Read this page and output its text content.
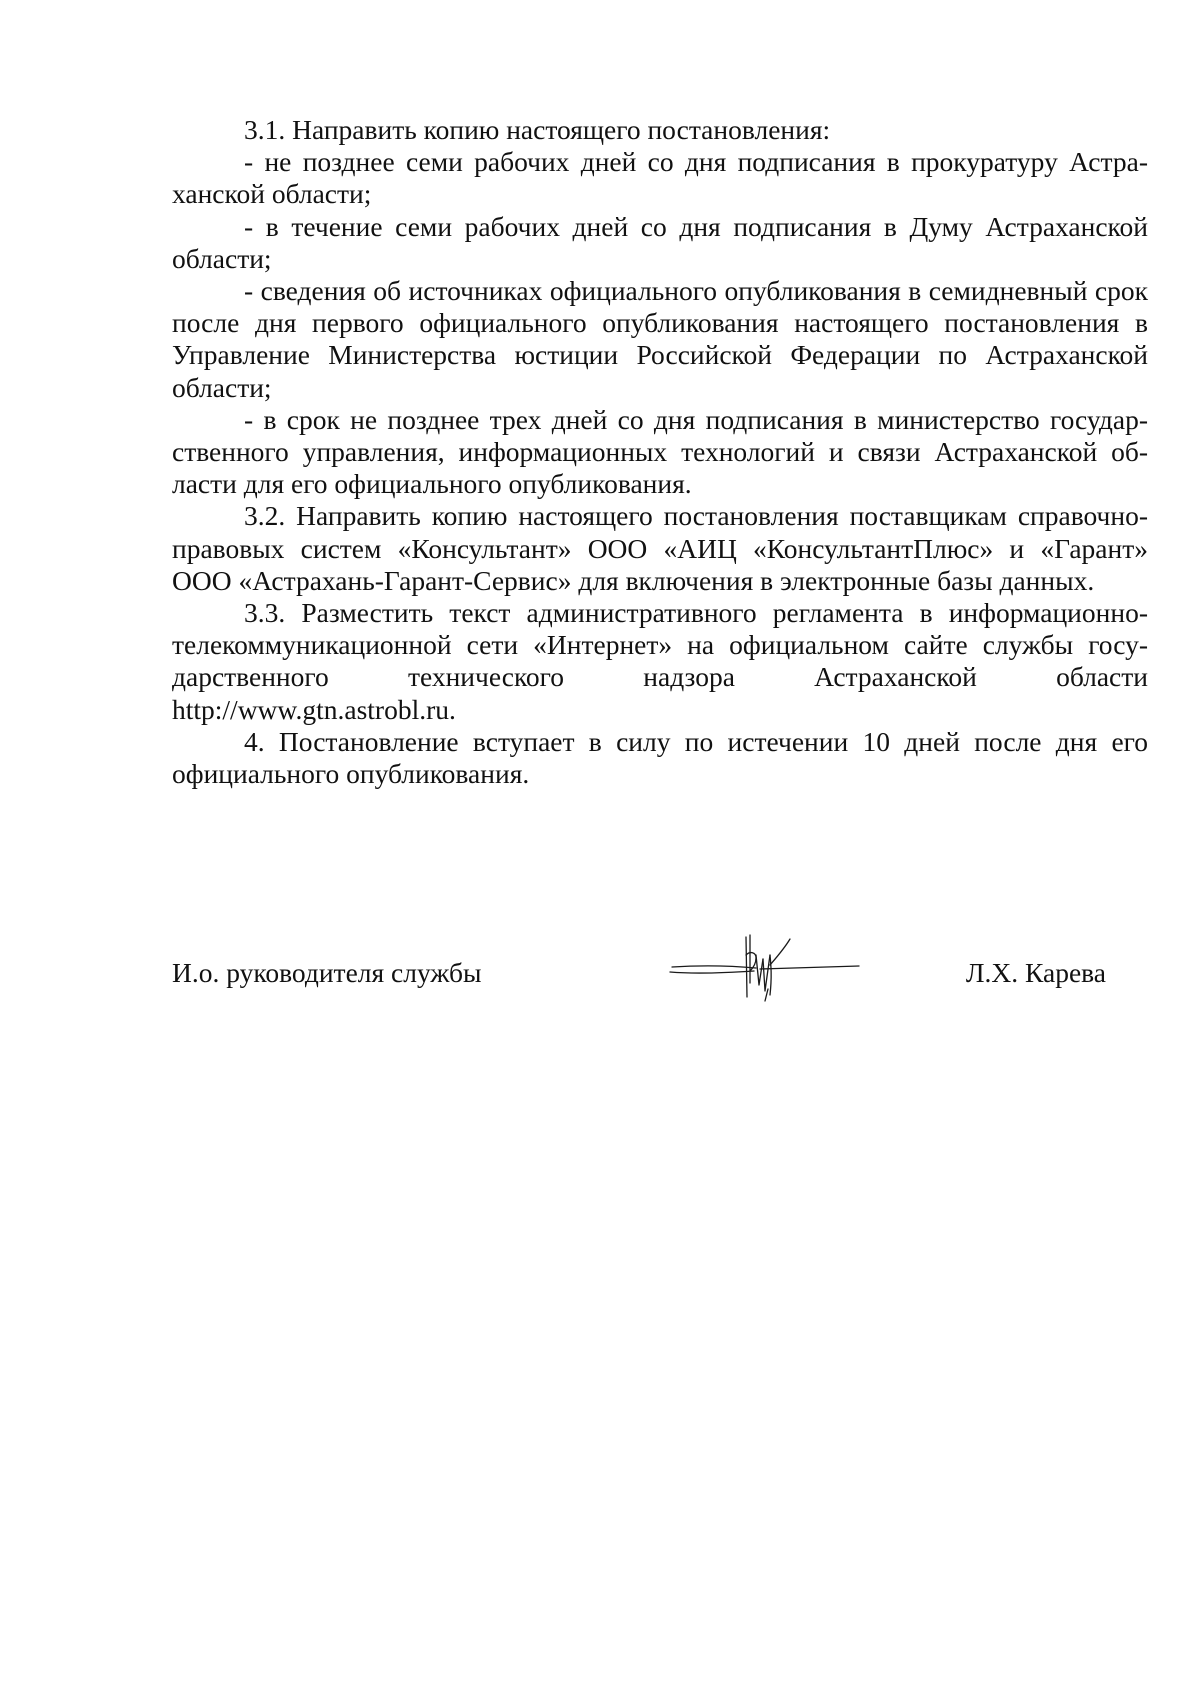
3.1. Направить копию настоящего постановления:

- не позднее семи рабочих дней со дня подписания в прокуратуру Астраханской области;

- в течение семи рабочих дней со дня подписания в Думу Астраханской области;

- сведения об источниках официального опубликования в семидневный срок после дня первого официального опубликования настоящего постановления в Управление Министерства юстиции Российской Федерации по Астраханской области;

- в срок не позднее трех дней со дня подписания в министерство государственного управления, информационных технологий и связи Астраханской области для его официального опубликования.

3.2. Направить копию настоящего постановления поставщикам справочно-правовых систем «Консультант» ООО «АИЦ «КонсультантПлюс» и «Гарант» ООО «Астрахань-Гарант-Сервис» для включения в электронные базы данных.

3.3. Разместить текст административного регламента в информационно-телекоммуникационной сети «Интернет» на официальном сайте службы государственного технического надзора Астраханской области http://www.gtn.astrobl.ru.

4. Постановление вступает в силу по истечении 10 дней после дня его официального опубликования.

И.о. руководителя службы	Л.Х. Карева
